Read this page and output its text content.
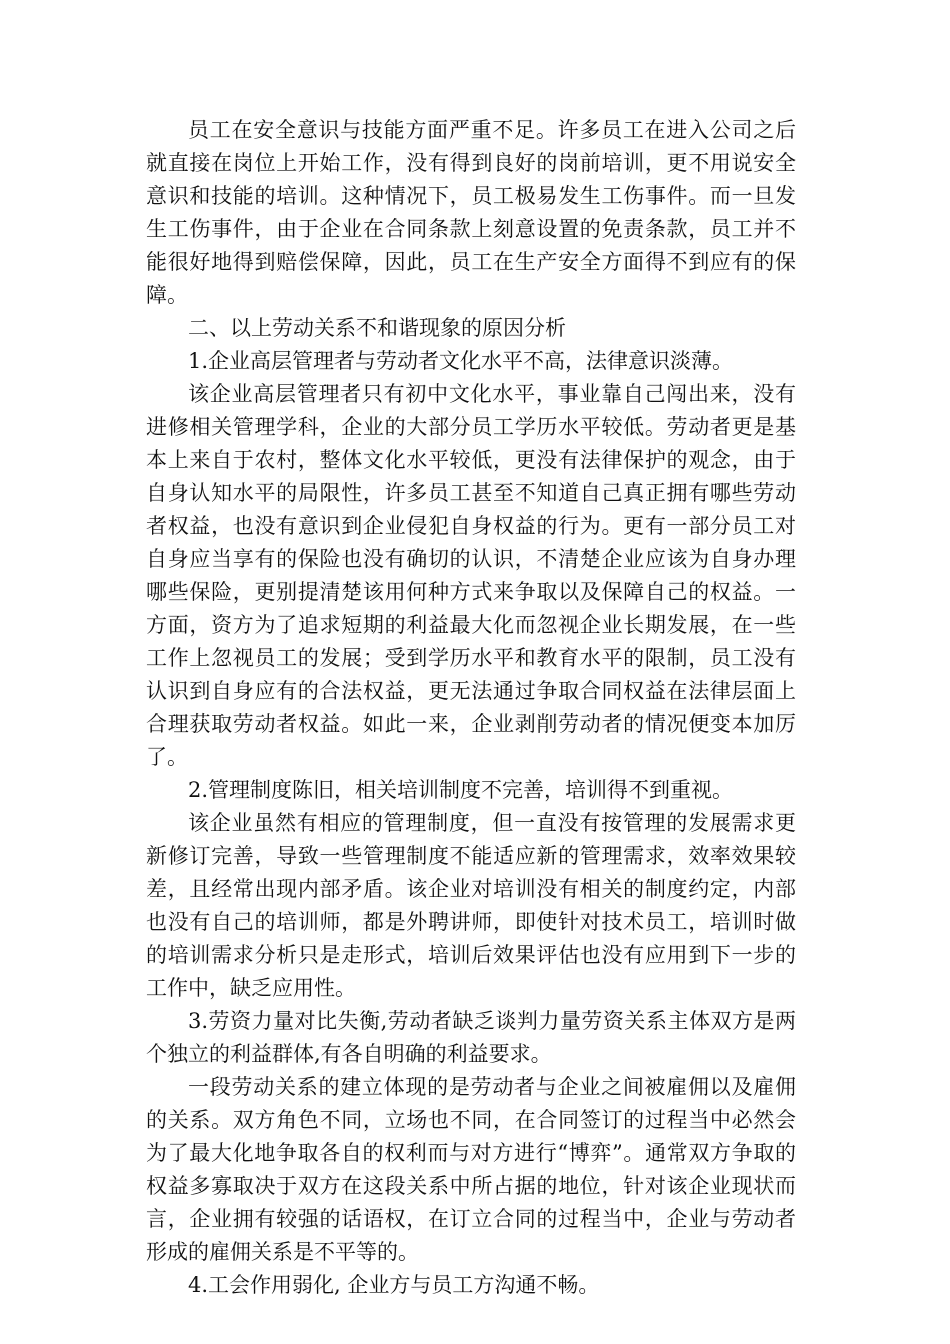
员工在安全意识与技能方面严重不足。许多员工在进入公司之后就直接在岗位上开始工作，没有得到良好的岗前培训，更不用说安全意识和技能的培训。这种情况下，员工极易发生工伤事件。而一旦发生工伤事件，由于企业在合同条款上刻意设置的免责条款，员工并不能很好地得到赔偿保障，因此，员工在生产安全方面得不到应有的保障。

二、以上劳动关系不和谐现象的原因分析

1.企业高层管理者与劳动者文化水平不高，法律意识淡薄。

该企业高层管理者只有初中文化水平，事业靠自己闯出来，没有进修相关管理学科，企业的大部分员工学历水平较低。劳动者更是基本上来自于农村，整体文化水平较低，更没有法律保护的观念，由于自身认知水平的局限性，许多员工甚至不知道自己真正拥有哪些劳动者权益，也没有意识到企业侵犯自身权益的行为。更有一部分员工对自身应当享有的保险也没有确切的认识，不清楚企业应该为自身办理哪些保险，更别提清楚该用何种方式来争取以及保障自己的权益。一方面，资方为了追求短期的利益最大化而忽视企业长期发展，在一些工作上忽视员工的发展；受到学历水平和教育水平的限制，员工没有认识到自身应有的合法权益，更无法通过争取合同权益在法律层面上合理获取劳动者权益。如此一来，企业剥削劳动者的情况便变本加厉了。

2.管理制度陈旧，相关培训制度不完善，培训得不到重视。

该企业虽然有相应的管理制度，但一直没有按管理的发展需求更新修订完善，导致一些管理制度不能适应新的管理需求，效率效果较差，且经常出现内部矛盾。该企业对培训没有相关的制度约定，内部也没有自己的培训师，都是外聘讲师，即使针对技术员工，培训时做的培训需求分析只是走形式，培训后效果评估也没有应用到下一步的工作中，缺乏应用性。

3.劳资力量对比失衡,劳动者缺乏谈判力量劳资关系主体双方是两个独立的利益群体,有各自明确的利益要求。

一段劳动关系的建立体现的是劳动者与企业之间被雇佣以及雇佣的关系。双方角色不同，立场也不同，在合同签订的过程当中必然会为了最大化地争取各自的权利而与对方进行“博弈”。通常双方争取的权益多寡取决于双方在这段关系中所占据的地位，针对该企业现状而言，企业拥有较强的话语权，在订立合同的过程当中，企业与劳动者形成的雇佣关系是不平等的。

4.工会作用弱化, 企业方与员工方沟通不畅。
